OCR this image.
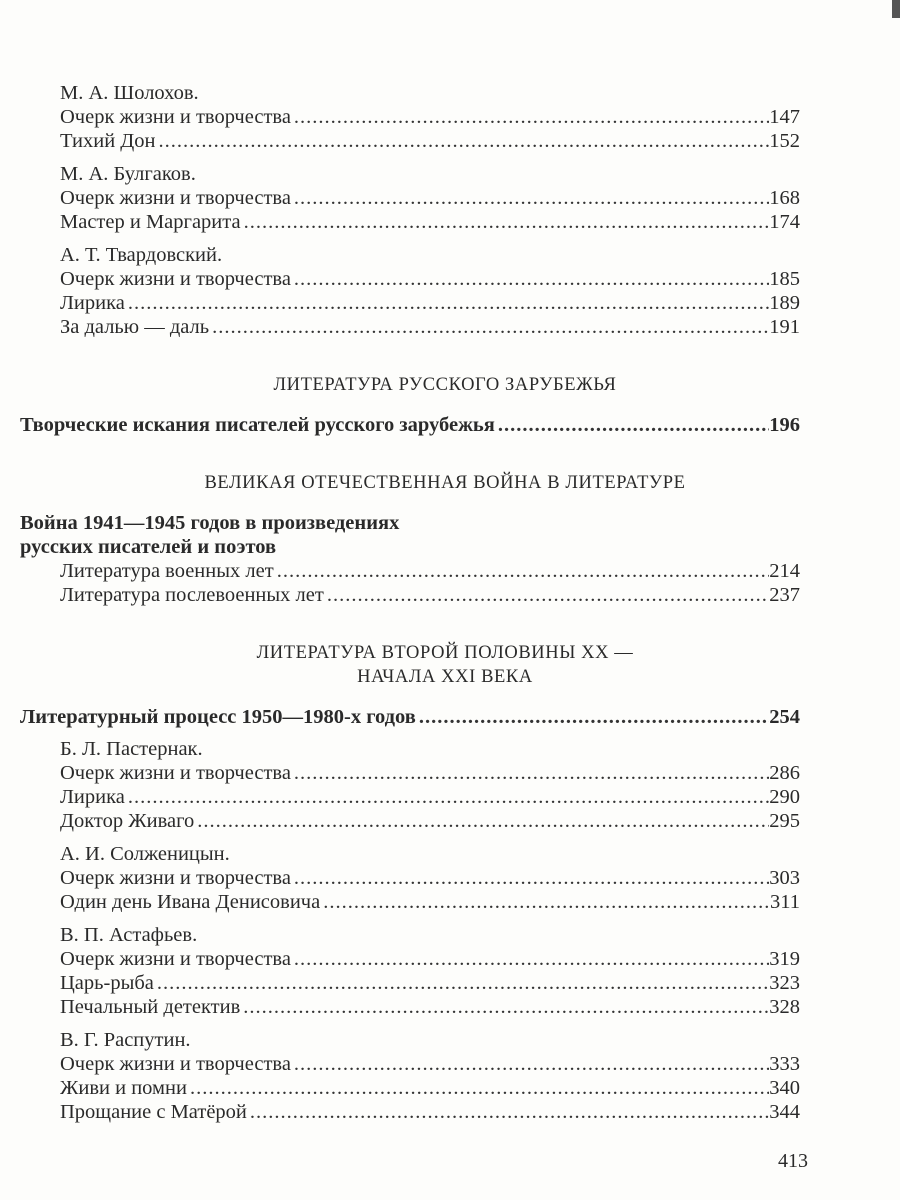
М. А. Шолохов.
Очерк жизни и творчества .....	147
Тихий Дон .....	152
М. А. Булгаков.
Очерк жизни и творчества .....	168
Мастер и Маргарита .....	174
А. Т. Твардовский.
Очерк жизни и творчества .....	185
Лирика .....	189
За далью — даль .....	191
ЛИТЕРАТУРА РУССКОГО ЗАРУБЕЖЬЯ
Творческие искания писателей русского зарубежья .....	196
ВЕЛИКАЯ ОТЕЧЕСТВЕННАЯ ВОЙНА В ЛИТЕРАТУРЕ
Война 1941—1945 годов в произведениях
русских писателей и поэтов
Литература военных лет .....	214
Литература послевоенных лет .....	237
ЛИТЕРАТУРА ВТОРОЙ ПОЛОВИНЫ XX —
НАЧАЛА XXI ВЕКА
Литературный процесс 1950—1980-х годов .....	254
Б. Л. Пастернак.
Очерк жизни и творчества .....	286
Лирика .....	290
Доктор Живаго .....	295
А. И. Солженицын.
Очерк жизни и творчества .....	303
Один день Ивана Денисовича .....	311
В. П. Астафьев.
Очерк жизни и творчества .....	319
Царь-рыба .....	323
Печальный детектив .....	328
В. Г. Распутин.
Очерк жизни и творчества .....	333
Живи и помни .....	340
Прощание с Матёрой .....	344
413
